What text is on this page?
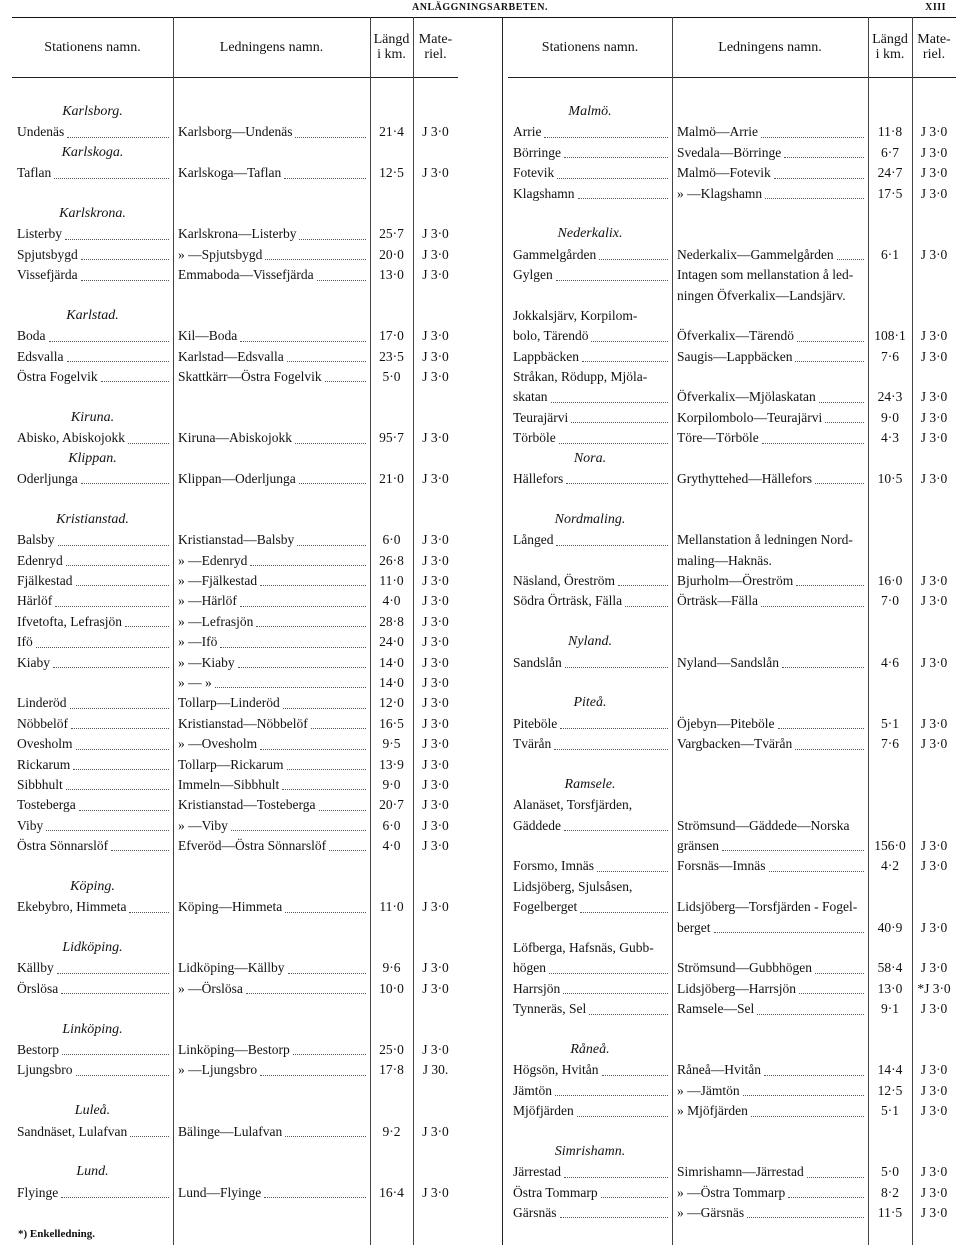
ANLÄGGNINGSARBETEN.	XIII
Stationens namn.	Ledningens namn.	Längd
i km.
Mate-
riel.
Karlsborg.
Undenäs	Karlsborg—Undenäs	21·4	J 3·0
Karlskoga.
Taflan	Karlskoga—Taflan	12·5	J 3·0
Karlskrona.
Listerby	Karlskrona—Listerby	25·7	J 3·0
Spjutsbygd	» —Spjutsbygd	20·0	J 3·0
Vissefjärda	Emmaboda—Vissefjärda	13·0	J 3·0
Karlstad.
Boda	Kil—Boda	17·0	J 3·0
Edsvalla	Karlstad—Edsvalla	23·5	J 3·0
Östra Fogelvik	Skattkärr—Östra Fogelvik	5·0	J 3·0
Kiruna.
Abisko, Abiskojokk	Kiruna—Abiskojokk	95·7	J 3·0
Klippan.
Oderljunga	Klippan—Oderljunga	21·0	J 3·0
Kristianstad.
Balsby	Kristianstad—Balsby	6·0	J 3·0
Edenryd	» —Edenryd	26·8	J 3·0
Fjälkestad	» —Fjälkestad	11·0	J 3·0
Härlöf	» —Härlöf	4·0	J 3·0
Ifvetofta, Lefrasjön	» —Lefrasjön	28·8	J 3·0
Ifö	» —Ifö	24·0	J 3·0
Kiaby	» —Kiaby	14·0	J 3·0
» — »	14·0	J 3·0
Linderöd	Tollarp—Linderöd	12·0	J 3·0
Nöbbelöf	Kristianstad—Nöbbelöf	16·5	J 3·0
Ovesholm	» —Ovesholm	9·5	J 3·0
Rickarum	Tollarp—Rickarum	13·9	J 3·0
Sibbhult	Immeln—Sibbhult	9·0	J 3·0
Tosteberga	Kristianstad—Tosteberga	20·7	J 3·0
Viby	» —Viby	6·0	J 3·0
Östra Sönnarslöf	Efveröd—Östra Sönnarslöf	4·0	J 3·0
Köping.
Ekebybro, Himmeta	Köping—Himmeta	11·0	J 3·0
Lidköping.
Källby	Lidköping—Källby	9·6	J 3·0
Örslösa	» —Örslösa	10·0	J 3·0
Linköping.
Bestorp	Linköping—Bestorp	25·0	J 3·0
Ljungsbro	» —Ljungsbro	17·8	J 30.
Luleå.
Sandnäset, Lulafvan	Bälinge—Lulafvan	9·2	J 3·0
Lund.
Flyinge	Lund—Flyinge	16·4	J 3·0
Stationens namn.	Ledningens namn.	Längd
i km.
Mate-
riel.
Malmö.
Arrie	Malmö—Arrie	11·8	J 3·0
Börringe	Svedala—Börringe	6·7	J 3·0
Fotevik	Malmö—Fotevik	24·7	J 3·0
Klagshamn	» —Klagshamn	17·5	J 3·0
Nederkalix.
Gammelgården	Nederkalix—Gammelgården	6·1	J 3·0
Gylgen	Intagen som mellanstation å led-
ningen Öfverkalix—Landsjärv.
Jokkalsjärv, Korpilom-
bolo, Tärendö	Öfverkalix—Tärendö	108·1	J 3·0
Lappbäcken	Saugis—Lappbäcken	7·6	J 3·0
Stråkan, Rödupp, Mjöla-
skatan	Öfverkalix—Mjölaskatan	24·3	J 3·0
Teurajärvi	Korpilombolo—Teurajärvi	9·0	J 3·0
Törböle	Töre—Törböle	4·3	J 3·0
Nora.
Hällefors	Grythyttehed—Hällefors	10·5	J 3·0
Nordmaling.
Långed	Mellanstation å ledningen Nord-
maling—Haknäs.
Näsland, Öreström	Bjurholm—Öreström	16·0	J 3·0
Södra Örträsk, Fälla	Örträsk—Fälla	7·0	J 3·0
Nyland.
Sandslån	Nyland—Sandslån	4·6	J 3·0
Piteå.
Piteböle	Öjebyn—Piteböle	5·1	J 3·0
Tvärån	Vargbacken—Tvärån	7·6	J 3·0
Ramsele.
Alanäset, Torsfjärden,
Gäddede	Strömsund—Gäddede—Norska
gränsen	156·0	J 3·0
Forsmo, Imnäs	Forsnäs—Imnäs	4·2	J 3·0
Lidsjöberg, Sjulsåsen,
Fogelberget	Lidsjöberg—Torsfjärden - Fogel-
berget	40·9	J 3·0
Löfberga, Hafsnäs, Gubb-
högen	Strömsund—Gubbhögen	58·4	J 3·0
Harrsjön	Lidsjöberg—Harrsjön	13·0	*J 3·0
Tynneräs, Sel	Ramsele—Sel	9·1	J 3·0
Råneå.
Högsön, Hvitån	Råneå—Hvitån	14·4	J 3·0
Jämtön	» —Jämtön	12·5	J 3·0
Mjöfjärden	» Mjöfjärden	5·1	J 3·0
Simrishamn.
Järrestad	Simrishamn—Järrestad	5·0	J 3·0
Östra Tommarp	» —Östra Tommarp	8·2	J 3·0
Gärsnäs	» —Gärsnäs	11·5	J 3·0
*) Enkelledning.
